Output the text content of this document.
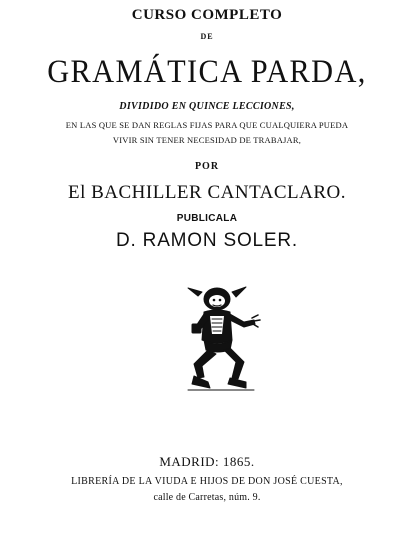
CURSO COMPLETO
DE
GRAMÁTICA PARDA,
DIVIDIDO EN QUINCE LECCIONES,
EN LAS QUE SE DAN REGLAS FIJAS PARA QUE CUALQUIERA PUEDA
VIVIR SIN TENER NECESIDAD DE TRABAJAR,
POR
El BACHILLER CANTACLARO.
PUBLICALA
D. RAMON SOLER.
MADRID: 1865.
LIBRERÍA DE LA VIUDA E HIJOS DE DON JOSÉ CUESTA,
calle de Carretas, núm. 9.
